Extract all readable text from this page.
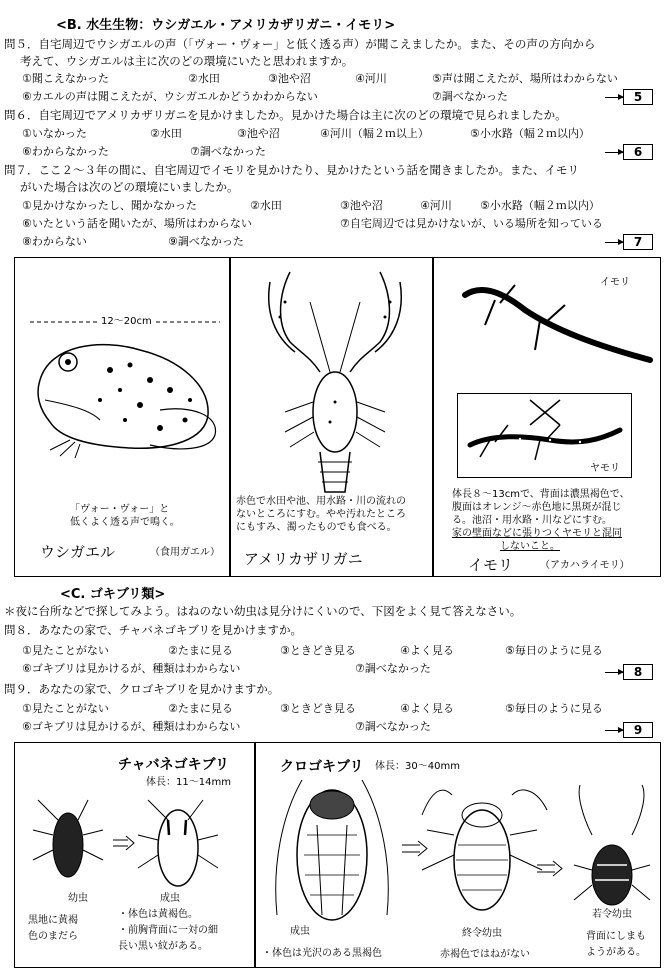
<B. 水生生物：ウシガエル・アメリカザリガニ・イモリ>
問５．自宅周辺でウシガエルの声（「ヴォー・ヴォー」と低く透る声）が聞こえましたか。また、その声の方向から
考えて、ウシガエルは主に次のどの環境にいたと思われますか。
①聞こえなかった	②水田	③池や沼	④河川	⑤声は聞こえたが、場所はわからない
⑥カエルの声は聞こえたが、ウシガエルかどうかわからない	⑦調べなかった	5
問６．自宅周辺でアメリカザリガニを見かけましたか。見かけた場合は主に次のどの環境で見られましたか。
①いなかった	②水田	③池や沼	④河川（幅２ｍ以上）	⑤小水路（幅２ｍ以内）
⑥わからなかった	⑦調べなかった	6
問７．ここ２～３年の間に、自宅周辺でイモリを見かけたり、見かけたという話を聞きましたか。また、イモリ
がいた場合は次のどの環境にいましたか。
①見かけなかったし、聞かなかった	②水田	③池や沼	④河川	⑤小水路（幅２ｍ以内）
⑥いたという話を聞いたが、場所はわからない	⑦自宅周辺では見かけないが、いる場所を知っている
⑧わからない	⑨調べなかった	7
12～20cm
「ヴォー・ヴォー」と
低くよく透る声で鳴く。
ウシガエル	（食用ガエル）
赤色で水田や池、用水路・川の流れの
ないところにすむ。やや汚れたところ
にもすみ、濁ったものでも食べる。
アメリカザリガニ
イモリ
ヤモリ
体長８～13cmで、背面は濃黒褐色で、
腹面はオレンジ～赤色地に黒斑が混じ
る。池沼・用水路・川などにすむ。
家の壁面などに張りつくヤモリと混同
しないこと。
イモリ	（アカハライモリ）
<C. ゴキブリ類>
＊夜に台所などで探してみよう。はねのない幼虫は見分けにくいので、下図をよく見て答えなさい。
問８．あなたの家で、チャバネゴキブリを見かけますか。
①見たことがない	②たまに見る	③ときどき見る	④よく見る	⑤毎日のように見る
⑥ゴキブリは見かけるが、種類はわからない	⑦調べなかった	8
問９．あなたの家で、クロゴキブリを見かけますか。
①見たことがない	②たまに見る	③ときどき見る	④よく見る	⑤毎日のように見る
⑥ゴキブリは見かけるが、種類はわからない	⑦調べなかった	9
チャバネゴキブリ
体長：11～14mm
幼虫	成虫
黒地に黄褐
色のまだら
・体色は黄褐色。
・前胸背面に一対の細
長い黒い紋がある。
クロゴキブリ 体長：30～40mm
成虫
・体色は光沢のある黒褐色
終令幼虫
赤褐色ではねがない
若令幼虫
背面にしまも
ようがある。
